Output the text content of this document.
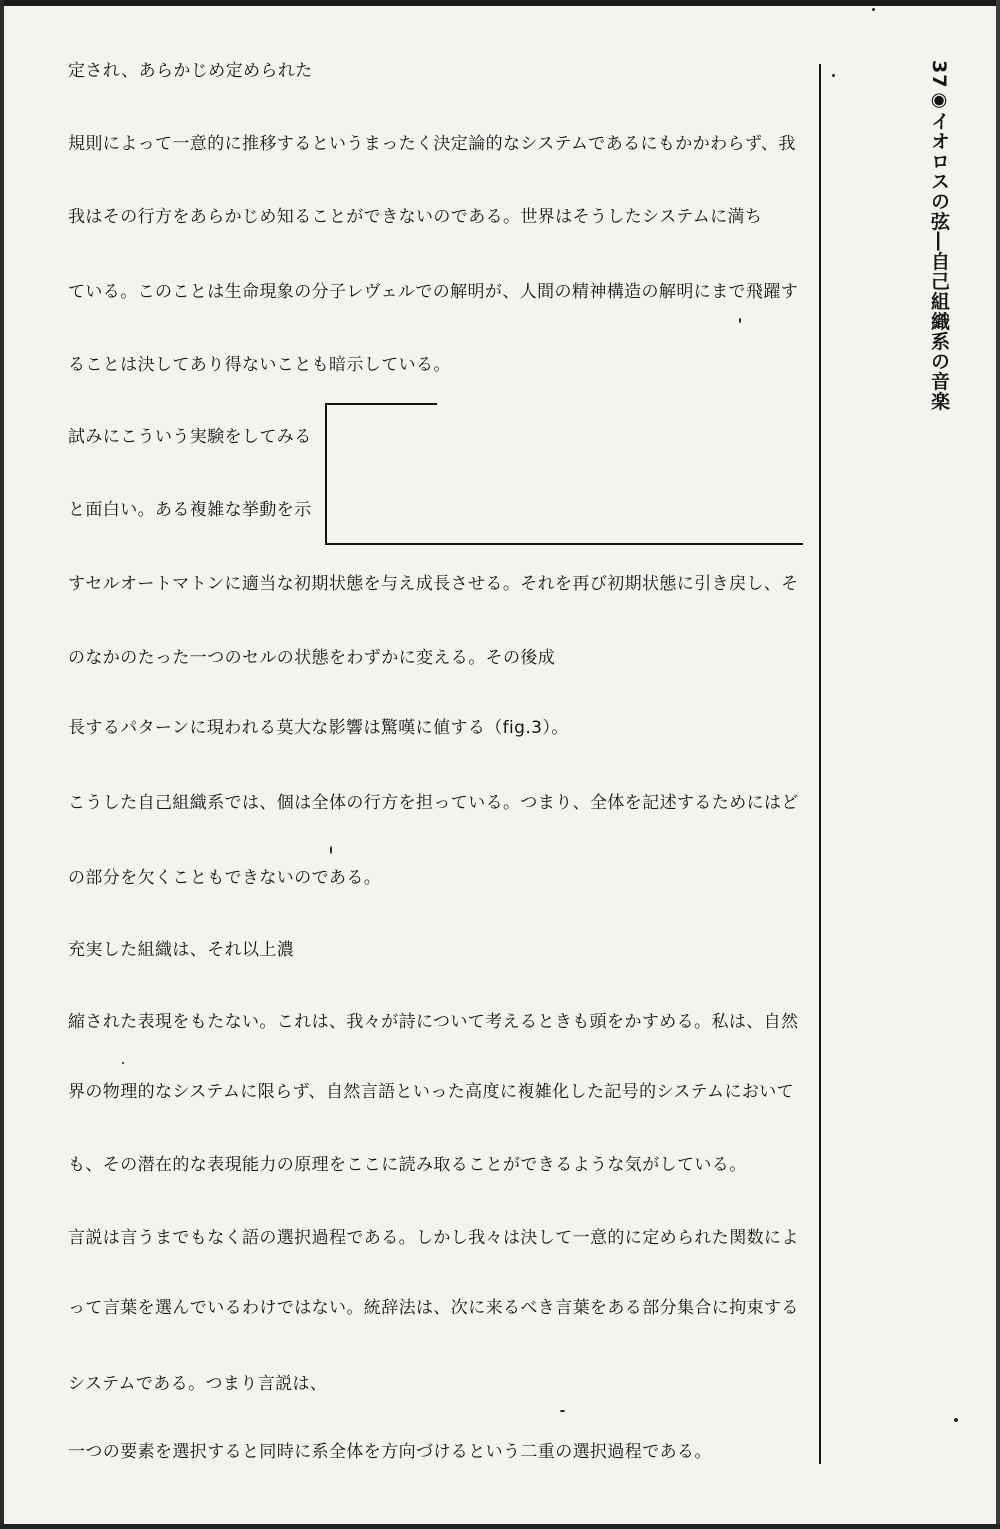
定され、あらかじめ定められた
規則によって一意的に推移するというまったく決定論的なシステムであるにもかかわらず、我
我はその行方をあらかじめ知ることができないのである。世界はそうしたシステムに満ち
ている。このことは生命現象の分子レヴェルでの解明が、人間の精神構造の解明にまで飛躍す
ることは決してあり得ないことも暗示している。
試みにこういう実験をしてみる
と面白い。ある複雑な挙動を示
すセルオートマトンに適当な初期状態を与え成長させる。それを再び初期状態に引き戻し、そ
のなかのたった一つのセルの状態をわずかに変える。その後成
長するパターンに現われる莫大な影響は驚嘆に値する（fig.3）。
こうした自己組織系では、個は全体の行方を担っている。つまり、全体を記述するためにはど
の部分を欠くこともできないのである。
充実した組織は、それ以上濃
縮された表現をもたない。これは、我々が詩について考えるときも頭をかすめる。私は、自然
界の物理的なシステムに限らず、自然言語といった高度に複雑化した記号的システムにおいて
も、その潜在的な表現能力の原理をここに読み取ることができるような気がしている。
言説は言うまでもなく語の選択過程である。しかし我々は決して一意的に定められた関数によ
って言葉を選んでいるわけではない。統辞法は、次に来るべき言葉をある部分集合に拘束する
システムである。つまり言説は、
一つの要素を選択すると同時に系全体を方向づけるという二重の選択過程である。
37◉イオロスの弦―自己組織系の音楽
